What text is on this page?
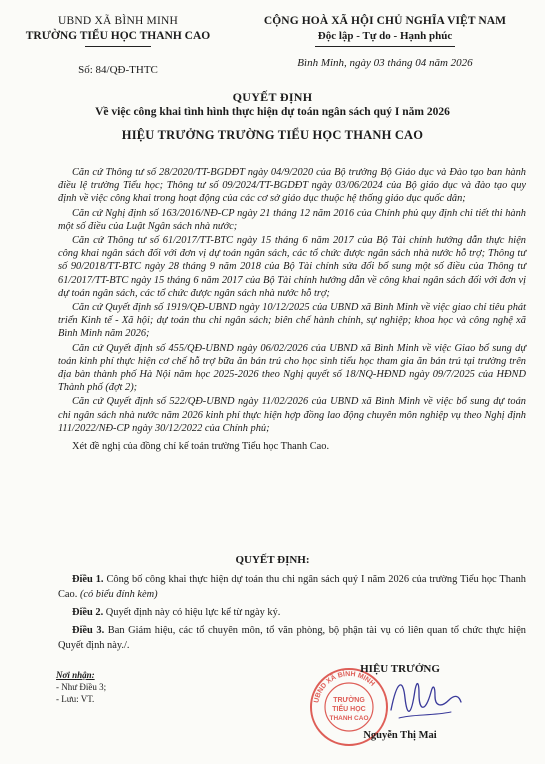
UBND XÃ BÌNH MINH
TRƯỜNG TIỂU HỌC THANH CAO
Số: 84/QĐ-THTC
CỘNG HOÀ XÃ HỘI CHỦ NGHĨA VIỆT NAM
Độc lập - Tự do - Hạnh phúc
Bình Minh, ngày 03 tháng 04 năm 2026
QUYẾT ĐỊNH
Về việc công khai tình hình thực hiện dự toán ngân sách quý I năm 2026
HIỆU TRƯỞNG TRƯỜNG TIỂU HỌC THANH CAO

Căn cứ Thông tư số 28/2020/TT-BGDĐT ngày 04/9/2020 của Bộ trưởng Bộ Giáo dục và Đào tạo ban hành điều lệ trường Tiểu học; Thông tư số 09/2024/TT-BGDĐT ngày 03/06/2024 của Bộ giáo dục và đào tạo quy định về việc công khai trong hoạt động của các cơ sở giáo dục thuộc hệ thống giáo dục quốc dân;

Căn cứ Nghị định số 163/2016/NĐ-CP ngày 21 tháng 12 năm 2016 của Chính phủ quy định chi tiết thi hành một số điều của Luật Ngân sách nhà nước;

Căn cứ Thông tư số 61/2017/TT-BTC ngày 15 tháng 6 năm 2017 của Bộ Tài chính hướng dẫn thực hiện công khai ngân sách đối với đơn vị dự toán ngân sách, các tổ chức được ngân sách nhà nước hỗ trợ; Thông tư số 90/2018/TT-BTC ngày 28 tháng 9 năm 2018 của Bộ Tài chính sửa đổi bổ sung một số điều của Thông tư 61/2017/TT-BTC ngày 15 tháng 6 năm 2017 của Bộ Tài chính hướng dẫn về công khai ngân sách đối với đơn vị dự toán ngân sách, các tổ chức được ngân sách nhà nước hỗ trợ;

Căn cứ Quyết định số 1919/QĐ-UBND ngày 10/12/2025 của UBND xã Bình Minh về việc giao chỉ tiêu phát triển Kinh tế - Xã hội; dự toán thu chi ngân sách; biên chế hành chính, sự nghiệp; khoa học và công nghệ xã Bình Minh năm 2026;

Căn cứ Quyết định số 455/QĐ-UBND ngày 06/02/2026 của UBND xã Bình Minh về việc Giao bổ sung dự toán kinh phí thực hiện cơ chế hỗ trợ bữa ăn bán trú cho học sinh tiểu học tham gia ăn bán trú tại trường trên địa bàn thành phố Hà Nội năm học 2025-2026 theo Nghị quyết số 18/NQ-HĐND ngày 09/7/2025 của HĐND Thành phố (đợt 2);

Căn cứ Quyết định số 522/QĐ-UBND ngày 11/02/2026 của UBND xã Bình Minh về việc bổ sung dự toán chi ngân sách nhà nước năm 2026 kinh phí thực hiện hợp đồng lao động chuyên môn nghiệp vụ theo Nghị định 111/2022/NĐ-CP ngày 30/12/2022 của Chính phủ;

Xét đề nghị của đồng chí kế toán trường Tiểu học Thanh Cao.

QUYẾT ĐỊNH:

Điều 1. Công bố công khai thực hiện dự toán thu chi ngân sách quý I năm 2026 của trường Tiểu học Thanh Cao. (có biểu đính kèm)

Điều 2. Quyết định này có hiệu lực kể từ ngày ký.

Điều 3. Ban Giám hiệu, các tổ chuyên môn, tổ văn phòng, bộ phận tài vụ có liên quan tổ chức thực hiện Quyết định này./.

Nơi nhận:
- Như Điều 3;
- Lưu: VT.	UBND XÃ BÌNH MINH
TRƯỜNG
TIỂU HỌC
THANH CAO
HIỆU TRƯỞNG
Nguyễn Thị Mai
